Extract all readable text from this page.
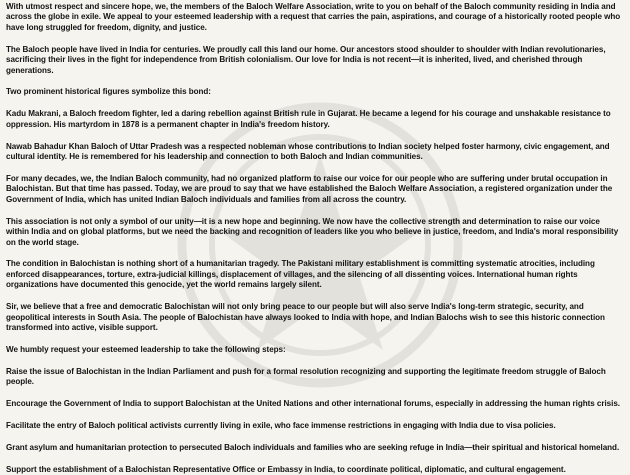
With utmost respect and sincere hope, we, the members of the Baloch Welfare Association, write to you on behalf of the Baloch community residing in India and across the globe in exile. We appeal to your esteemed leadership with a request that carries the pain, aspirations, and courage of a historically rooted people who have long struggled for freedom, dignity, and justice.

The Baloch people have lived in India for centuries. We proudly call this land our home. Our ancestors stood shoulder to shoulder with Indian revolutionaries, sacrificing their lives in the fight for independence from British colonialism. Our love for India is not recent—it is inherited, lived, and cherished through generations.

Two prominent historical figures symbolize this bond:

Kadu Makrani, a Baloch freedom fighter, led a daring rebellion against British rule in Gujarat. He became a legend for his courage and unshakable resistance to oppression. His martyrdom in 1878 is a permanent chapter in India's freedom history.

Nawab Bahadur Khan Baloch of Uttar Pradesh was a respected nobleman whose contributions to Indian society helped foster harmony, civic engagement, and cultural identity. He is remembered for his leadership and connection to both Baloch and Indian communities.

For many decades, we, the Indian Baloch community, had no organized platform to raise our voice for our people who are suffering under brutal occupation in Balochistan. But that time has passed. Today, we are proud to say that we have established the Baloch Welfare Association, a registered organization under the Government of India, which has united Indian Baloch individuals and families from all across the country.

This association is not only a symbol of our unity—it is a new hope and beginning. We now have the collective strength and determination to raise our voice within India and on global platforms, but we need the backing and recognition of leaders like you who believe in justice, freedom, and India's moral responsibility on the world stage.

The condition in Balochistan is nothing short of a humanitarian tragedy. The Pakistani military establishment is committing systematic atrocities, including enforced disappearances, torture, extra-judicial killings, displacement of villages, and the silencing of all dissenting voices. International human rights organizations have documented this genocide, yet the world remains largely silent.

Sir, we believe that a free and democratic Balochistan will not only bring peace to our people but will also serve India's long-term strategic, security, and geopolitical interests in South Asia. The people of Balochistan have always looked to India with hope, and Indian Balochs wish to see this historic connection transformed into active, visible support.

We humbly request your esteemed leadership to take the following steps:

Raise the issue of Balochistan in the Indian Parliament and push for a formal resolution recognizing and supporting the legitimate freedom struggle of Baloch people.

Encourage the Government of India to support Balochistan at the United Nations and other international forums, especially in addressing the human rights crisis.

Facilitate the entry of Baloch political activists currently living in exile, who face immense restrictions in engaging with India due to visa policies.

Grant asylum and humanitarian protection to persecuted Baloch individuals and families who are seeking refuge in India—their spiritual and historical homeland.

Support the establishment of a Balochistan Representative Office or Embassy in India, to coordinate political, diplomatic, and cultural engagement.
